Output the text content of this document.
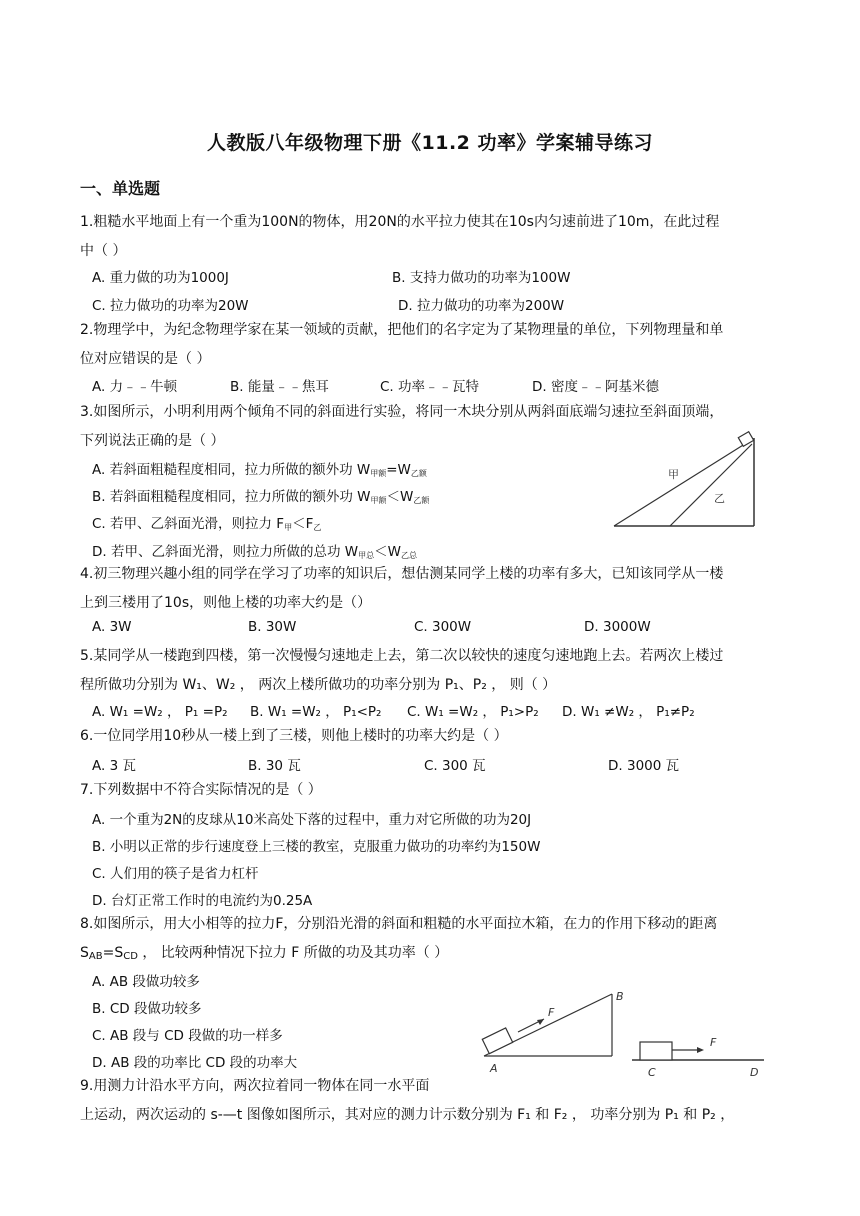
人教版八年级物理下册《11.2 功率》学案辅导练习
一、单选题
1.粗糙水平地面上有一个重为100N的物体，用20N的水平拉力使其在10s内匀速前进了10m，在此过程
中（ ）
A. 重力做的功为1000J	B. 支持力做功的功率为100W
C. 拉力做功的功率为20W	D. 拉力做功的功率为200W
2.物理学中，为纪念物理学家在某一领域的贡献，把他们的名字定为了某物理量的单位，下列物理量和单
位对应错误的是（ ）
A. 力﹣﹣牛顿	B. 能量﹣﹣焦耳	C. 功率﹣﹣瓦特	D. 密度﹣﹣阿基米德
3.如图所示，小明利用两个倾角不同的斜面进行实验，将同一木块分别从两斜面底端匀速拉至斜面顶端，
下列说法正确的是（ ）
A. 若斜面粗糙程度相同，拉力所做的额外功 $W_{甲额}=W_{乙额}$
B. 若斜面粗糙程度相同，拉力所做的额外功 $W_{甲额}<W_{乙额}$
C. 若甲、乙斜面光滑，则拉力 $F_甲<F_乙$
D. 若甲、乙斜面光滑，则拉力所做的总功 $W_{甲总}<W_{乙总}$
甲
乙
4.初三物理兴趣小组的同学在学习了功率的知识后，想估测某同学上楼的功率有多大，已知该同学从一楼
上到三楼用了10s，则他上楼的功率大约是（）
A. 3W	B. 30W	C. 300W	D. 3000W
5.某同学从一楼跑到四楼，第一次慢慢匀速地走上去，第二次以较快的速度匀速地跑上去。若两次上楼过
程所做功分别为 W₁、W₂ ， 两次上楼所做功的功率分别为 P₁、P₂ ， 则（ ）
A. W₁ =W₂ ， P₁ =P₂ B. W₁ =W₂ ， P₁<P₂ C. W₁ =W₂ ， P₁>P₂ D. W₁ ≠W₂ ， P₁≠P₂
6.一位同学用10秒从一楼上到了三楼，则他上楼时的功率大约是（ ）
A. 3 瓦	B. 30 瓦	C. 300 瓦	D. 3000 瓦
7.下列数据中不符合实际情况的是（ ）
A. 一个重为2N的皮球从10米高处下落的过程中，重力对它所做的功为20J
B. 小明以正常的步行速度登上三楼的教室，克服重力做功的功率约为150W
C. 人们用的筷子是省力杠杆
D. 台灯正常工作时的电流约为0.25A
8.如图所示，用大小相等的拉力F，分别沿光滑的斜面和粗糙的水平面拉木箱，在力的作用下移动的距离
SAB=SCD ， 比较两种情况下拉力 F 所做的功及其功率（ ）
A. AB 段做功较多
B. CD 段做功较多
C. AB 段与 CD 段做的功一样多
D. AB 段的功率比 CD 段的功率大
F
B
A
F
C	D
9.用测力计沿水平方向，两次拉着同一物体在同一水平面
上运动，两次运动的 s-—t 图像如图所示，其对应的测力计示数分别为 F₁ 和 F₂ ， 功率分别为 P₁ 和 P₂ ，
